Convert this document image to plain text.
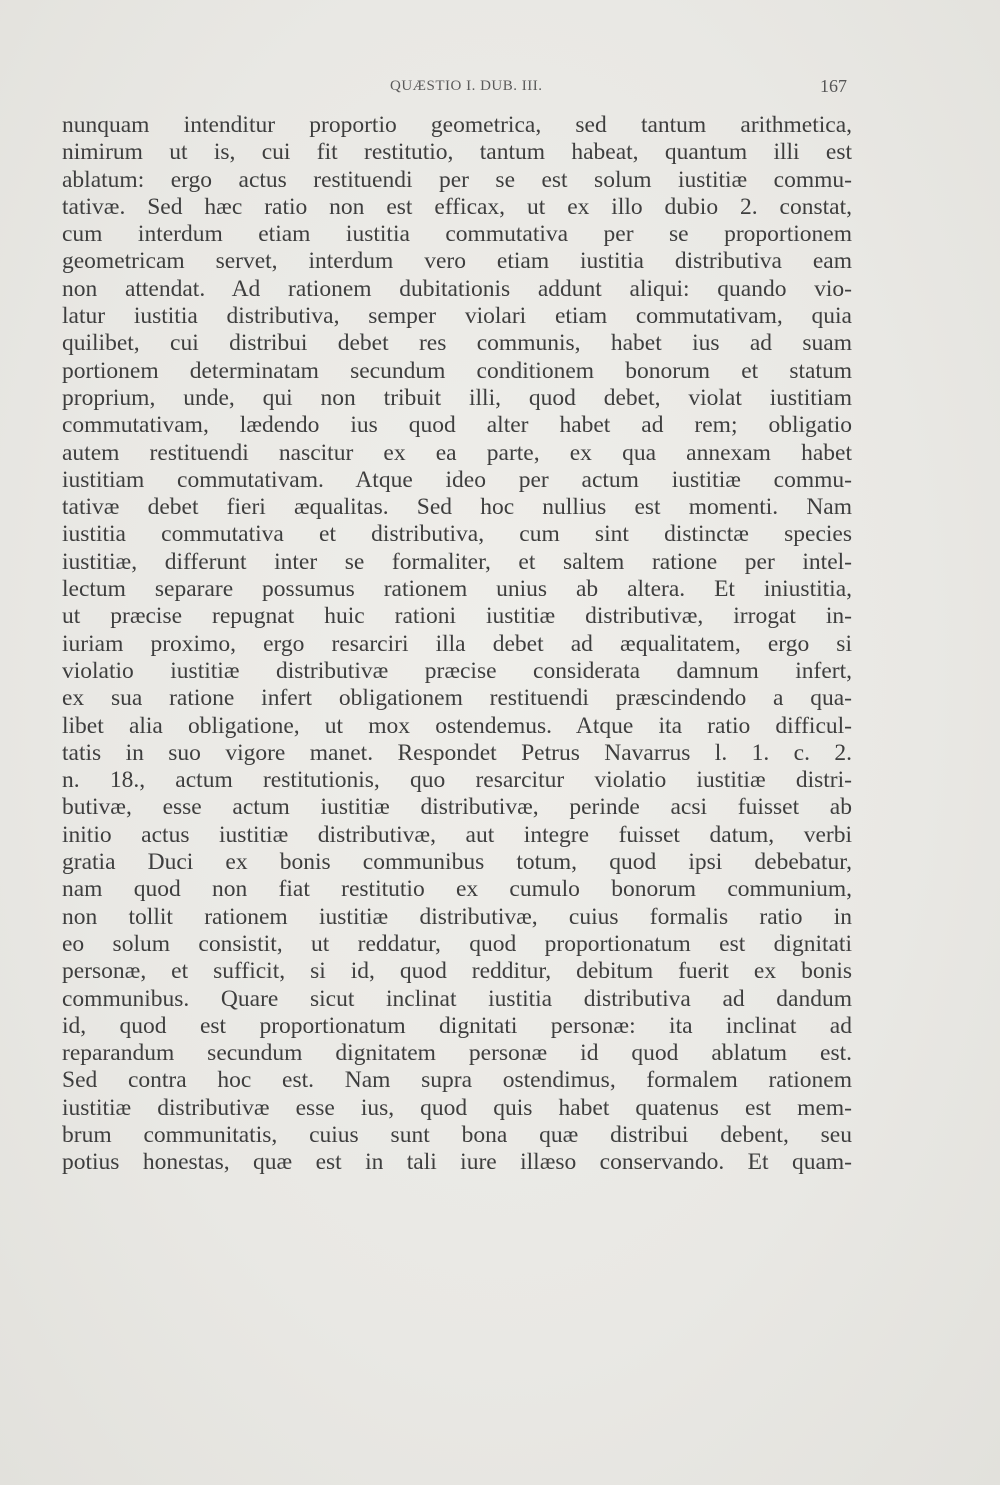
QUÆSTIO I. DUB. III.	167
nunquam intenditur proportio geometrica, sed tantum arithmetica,
nimirum ut is, cui fit restitutio, tantum habeat, quantum illi est
ablatum: ergo actus restituendi per se est solum iustitiæ commu-
tativæ. Sed hæc ratio non est efficax, ut ex illo dubio 2. constat,
cum interdum etiam iustitia commutativa per se proportionem
geometricam servet, interdum vero etiam iustitia distributiva eam
non attendat. Ad rationem dubitationis addunt aliqui: quando vio-
latur iustitia distributiva, semper violari etiam commutativam, quia
quilibet, cui distribui debet res communis, habet ius ad suam
portionem determinatam secundum conditionem bonorum et statum
proprium, unde, qui non tribuit illi, quod debet, violat iustitiam
commutativam, lædendo ius quod alter habet ad rem; obligatio
autem restituendi nascitur ex ea parte, ex qua annexam habet
iustitiam commutativam. Atque ideo per actum iustitiæ commu-
tativæ debet fieri æqualitas. Sed hoc nullius est momenti. Nam
iustitia commutativa et distributiva, cum sint distinctæ species
iustitiæ, differunt inter se formaliter, et saltem ratione per intel-
lectum separare possumus rationem unius ab altera. Et iniustitia,
ut præcise repugnat huic rationi iustitiæ distributivæ, irrogat in-
iuriam proximo, ergo resarciri illa debet ad æqualitatem, ergo si
violatio iustitiæ distributivæ præcise considerata damnum infert,
ex sua ratione infert obligationem restituendi præscindendo a qua-
libet alia obligatione, ut mox ostendemus. Atque ita ratio difficul-
tatis in suo vigore manet. Respondet Petrus Navarrus l. 1. c. 2.
n. 18., actum restitutionis, quo resarcitur violatio iustitiæ distri-
butivæ, esse actum iustitiæ distributivæ, perinde acsi fuisset ab
initio actus iustitiæ distributivæ, aut integre fuisset datum, verbi
gratia Duci ex bonis communibus totum, quod ipsi debebatur,
nam quod non fiat restitutio ex cumulo bonorum communium,
non tollit rationem iustitiæ distributivæ, cuius formalis ratio in
eo solum consistit, ut reddatur, quod proportionatum est dignitati
personæ, et sufficit, si id, quod redditur, debitum fuerit ex bonis
communibus. Quare sicut inclinat iustitia distributiva ad dandum
id, quod est proportionatum dignitati personæ: ita inclinat ad
reparandum secundum dignitatem personæ id quod ablatum est.
Sed contra hoc est. Nam supra ostendimus, formalem rationem
iustitiæ distributivæ esse ius, quod quis habet quatenus est mem-
brum communitatis, cuius sunt bona quæ distribui debent, seu
potius honestas, quæ est in tali iure illæso conservando. Et quam-
